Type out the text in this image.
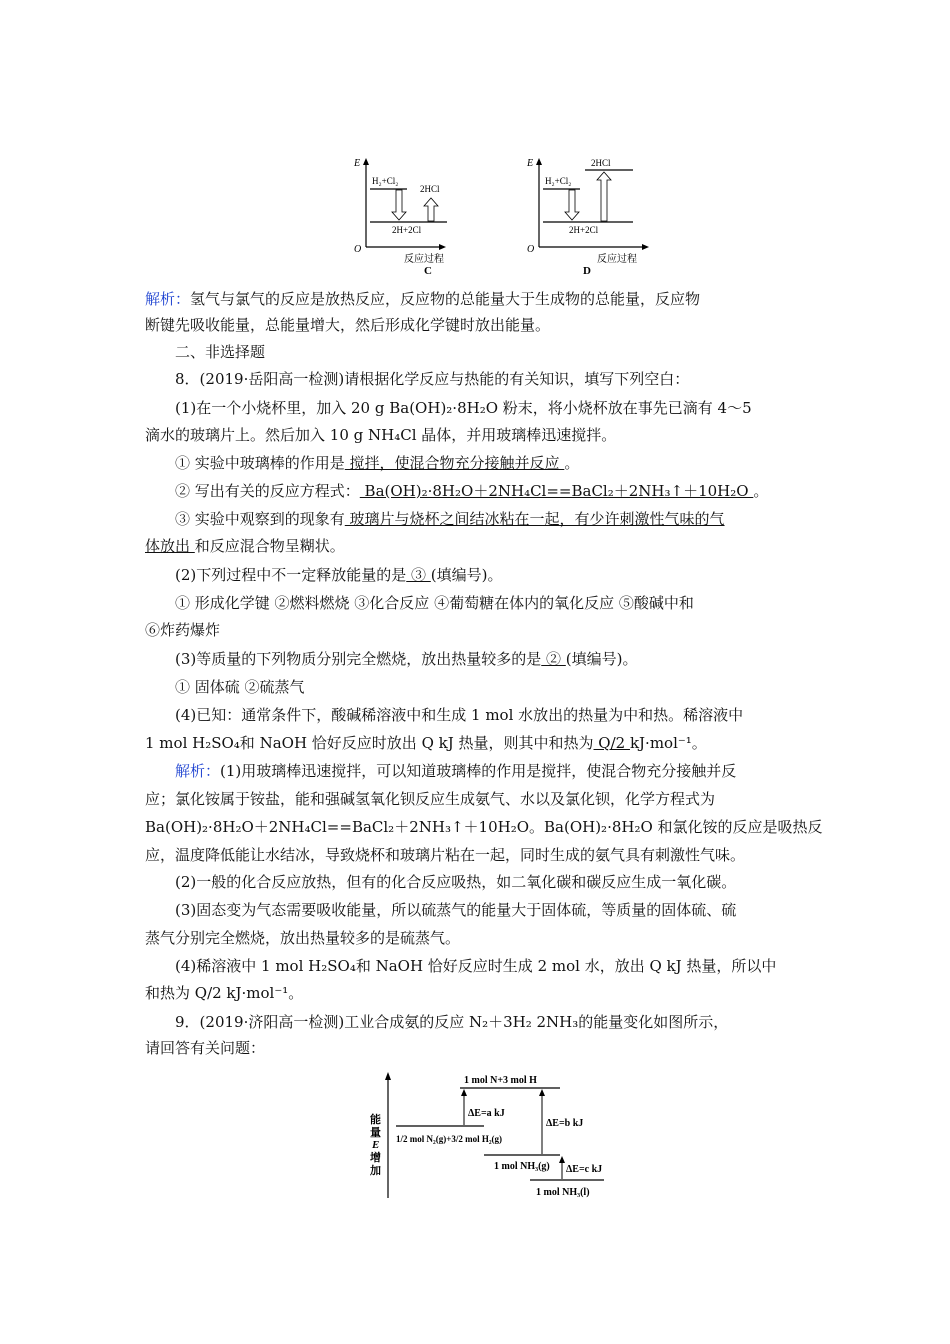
E
O
H₂+Cl₂
2H+2Cl
2HCl
反应过程
C
E
O
2HCl
H₂+Cl₂
2H+2Cl
反应过程
D
解析：氢气与氯气的反应是放热反应，反应物的总能量大于生成物的总能量，反应物
断键先吸收能量，总能量增大，然后形成化学键时放出能量。
二、非选择题
8．(2019·岳阳高一检测)请根据化学反应与热能的有关知识，填写下列空白：
(1)在一个小烧杯里，加入 20 g Ba(OH)₂·8H₂O 粉末，将小烧杯放在事先已滴有 4～5
滴水的玻璃片上。然后加入 10 g NH₄Cl 晶体，并用玻璃棒迅速搅拌。
① 实验中玻璃棒的作用是 搅拌，使混合物充分接触并反应 。
② 写出有关的反应方程式： Ba(OH)₂·8H₂O＋2NH₄Cl==BaCl₂＋2NH₃↑＋10H₂O 。
③ 实验中观察到的现象有 玻璃片与烧杯之间结冰粘在一起，有少许刺激性气味的气
体放出 和反应混合物呈糊状。
(2)下列过程中不一定释放能量的是 ③ (填编号)。
① 形成化学键 ②燃料燃烧 ③化合反应 ④葡萄糖在体内的氧化反应 ⑤酸碱中和
⑥炸药爆炸
(3)等质量的下列物质分别完全燃烧，放出热量较多的是 ② (填编号)。
① 固体硫 ②硫蒸气
(4)已知：通常条件下，酸碱稀溶液中和生成 1 mol 水放出的热量为中和热。稀溶液中
1 mol H₂SO₄和 NaOH 恰好反应时放出 Q kJ 热量，则其中和热为 Q/2 kJ·mol⁻¹。
解析：(1)用玻璃棒迅速搅拌，可以知道玻璃棒的作用是搅拌，使混合物充分接触并反
应；氯化铵属于铵盐，能和强碱氢氧化钡反应生成氨气、水以及氯化钡，化学方程式为
Ba(OH)₂·8H₂O＋2NH₄Cl==BaCl₂＋2NH₃↑＋10H₂O。Ba(OH)₂·8H₂O 和氯化铵的反应是吸热反
应，温度降低能让水结冰，导致烧杯和玻璃片粘在一起，同时生成的氨气具有刺激性气味。
(2)一般的化合反应放热，但有的化合反应吸热，如二氧化碳和碳反应生成一氧化碳。
(3)固态变为气态需要吸收能量，所以硫蒸气的能量大于固体硫，等质量的固体硫、硫
蒸气分别完全燃烧，放出热量较多的是硫蒸气。
(4)稀溶液中 1 mol H₂SO₄和 NaOH 恰好反应时生成 2 mol 水，放出 Q kJ 热量，所以中
和热为 Q/2 kJ·mol⁻¹。
9．(2019·济阳高一检测)工业合成氨的反应 N₂＋3H₂ 2NH₃的能量变化如图所示，
请回答有关问题：
能量 E 增加
1 mol N+3 mol H
1/2 mol N₂(g)+3/2 mol H₂(g)
1 mol NH₃(g)
1 mol NH₃(l)
ΔE=a kJ
ΔE=b kJ
ΔE=c kJ
